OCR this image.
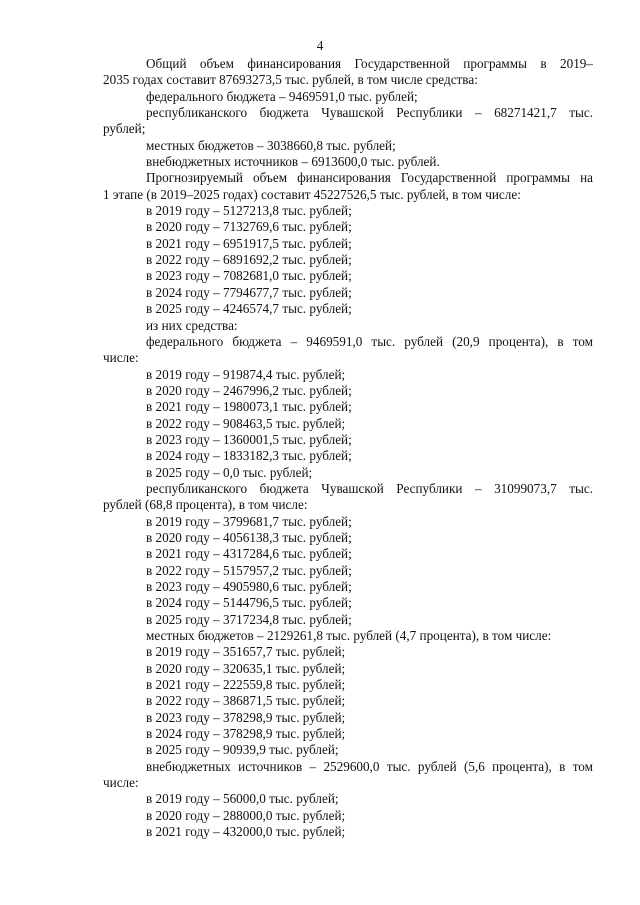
4
Общий объем финансирования Государственной программы в 2019–
2035 годах составит 87693273,5 тыс. рублей, в том числе средства:
федерального бюджета – 9469591,0 тыс. рублей;
республиканского бюджета Чувашской Республики – 68271421,7 тыс.
рублей;
местных бюджетов – 3038660,8 тыс. рублей;
внебюджетных источников – 6913600,0 тыс. рублей.
Прогнозируемый объем финансирования Государственной программы на
1 этапе (в 2019–2025 годах) составит 45227526,5 тыс. рублей, в том числе:
в 2019 году – 5127213,8 тыс. рублей;
в 2020 году – 7132769,6 тыс. рублей;
в 2021 году – 6951917,5 тыс. рублей;
в 2022 году – 6891692,2 тыс. рублей;
в 2023 году – 7082681,0 тыс. рублей;
в 2024 году – 7794677,7 тыс. рублей;
в 2025 году – 4246574,7 тыс. рублей;
из них средства:
федерального бюджета – 9469591,0 тыс. рублей (20,9 процента), в том
числе:
в 2019 году – 919874,4 тыс. рублей;
в 2020 году – 2467996,2 тыс. рублей;
в 2021 году – 1980073,1 тыс. рублей;
в 2022 году – 908463,5 тыс. рублей;
в 2023 году – 1360001,5 тыс. рублей;
в 2024 году – 1833182,3 тыс. рублей;
в 2025 году – 0,0 тыс. рублей;
республиканского бюджета Чувашской Республики – 31099073,7 тыс.
рублей (68,8 процента), в том числе:
в 2019 году – 3799681,7 тыс. рублей;
в 2020 году – 4056138,3 тыс. рублей;
в 2021 году – 4317284,6 тыс. рублей;
в 2022 году – 5157957,2 тыс. рублей;
в 2023 году – 4905980,6 тыс. рублей;
в 2024 году – 5144796,5 тыс. рублей;
в 2025 году – 3717234,8 тыс. рублей;
местных бюджетов – 2129261,8 тыс. рублей (4,7 процента), в том числе:
в 2019 году – 351657,7 тыс. рублей;
в 2020 году – 320635,1 тыс. рублей;
в 2021 году – 222559,8 тыс. рублей;
в 2022 году – 386871,5 тыс. рублей;
в 2023 году – 378298,9 тыс. рублей;
в 2024 году – 378298,9 тыс. рублей;
в 2025 году – 90939,9 тыс. рублей;
внебюджетных источников – 2529600,0 тыс. рублей (5,6 процента), в том
числе:
в 2019 году – 56000,0 тыс. рублей;
в 2020 году – 288000,0 тыс. рублей;
в 2021 году – 432000,0 тыс. рублей;
